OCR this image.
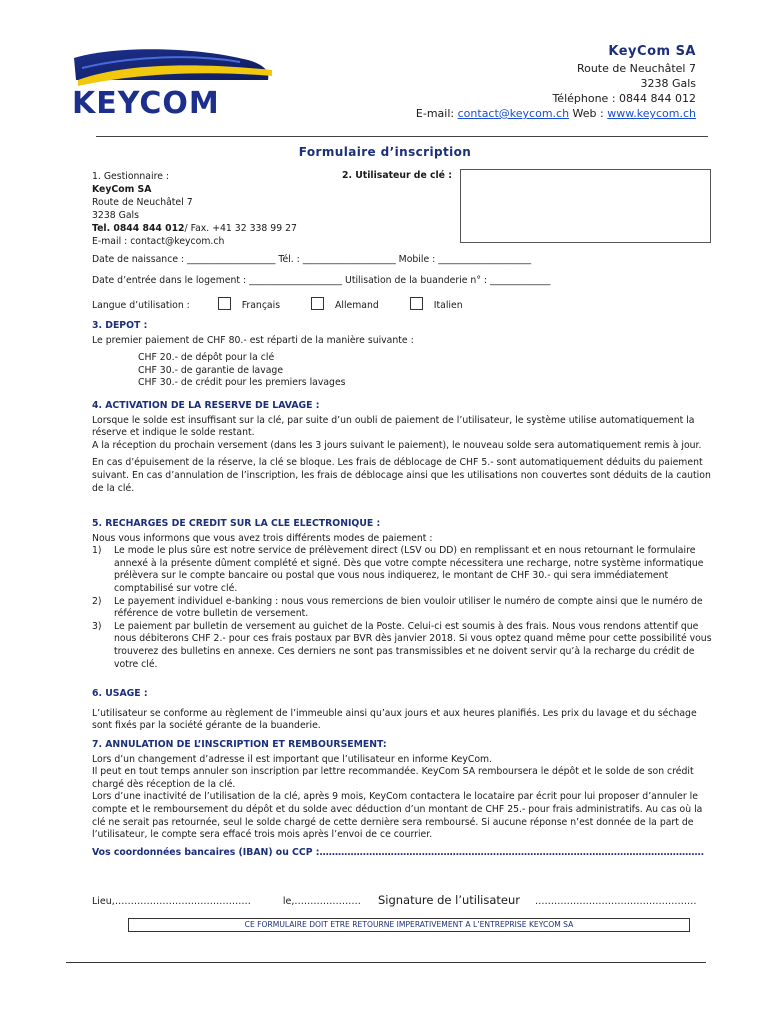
KEYCOM
KeyCom SA
Route de Neuchâtel 7
3238 Gals
Téléphone : 0844 844 012
E-mail: contact@keycom.ch Web : www.keycom.ch
Formulaire d’inscription
1. Gestionnaire :
KeyCom SA
Route de Neuchâtel 7
3238 Gals
Tel. 0844 844 012/ Fax. +41 32 338 99 27
E-mail : contact@keycom.ch
2. Utilisateur de clé :
Date de naissance : ___________________ Tél. : ____________________ Mobile : ____________________
Date d’entrée dans le logement : ____________________ Utilisation de la buanderie n° : _____________
Langue d’utilisation :	Français	Allemand	Italien

3. DEPOT :

Le premier paiement de CHF 80.- est réparti de la manière suivante :

CHF 20.- de dépôt pour la clé

CHF 30.- de garantie de lavage

CHF 30.- de crédit pour les premiers lavages

4. ACTIVATION DE LA RESERVE DE LAVAGE :

Lorsque le solde est insuffisant sur la clé, par suite d’un oubli de paiement de l’utilisateur, le système utilise automatiquement la réserve et indique le solde restant.

A la réception du prochain versement (dans les 3 jours suivant le paiement), le nouveau solde sera automatiquement remis à jour.

En cas d’épuisement de la réserve, la clé se bloque. Les frais de déblocage de CHF 5.- sont automatiquement déduits du paiement suivant. En cas d’annulation de l’inscription, les frais de déblocage ainsi que les utilisations non couvertes sont déduits de la caution de la clé.

5. RECHARGES DE CREDIT SUR LA CLE ELECTRONIQUE :

Nous vous informons que vous avez trois différents modes de paiement :

1) Le mode le plus sûre est notre service de prélèvement direct (LSV ou DD) en remplissant et en nous retournant le formulaire annexé à la présente dûment complété et signé. Dès que votre compte nécessitera une recharge, notre système informatique prélèvera sur le compte bancaire ou postal que vous nous indiquerez, le montant de CHF 30.- qui sera immédiatement comptabilisé sur votre clé.
2) Le payement individuel e-banking : nous vous remercions de bien vouloir utiliser le numéro de compte ainsi que le numéro de référence de votre bulletin de versement.
3) Le paiement par bulletin de versement au guichet de la Poste. Celui-ci est soumis à des frais. Nous vous rendons attentif que nous débiterons CHF 2.- pour ces frais postaux par BVR dès janvier 2018. Si vous optez quand même pour cette possibilité vous trouverez des bulletins en annexe. Ces derniers ne sont pas transmissibles et ne doivent servir qu’à la recharge du crédit de votre clé.

6. USAGE :

L’utilisateur se conforme au règlement de l’immeuble ainsi qu’aux jours et aux heures planifiés. Les prix du lavage et du séchage sont fixés par la société gérante de la buanderie.

7. ANNULATION DE L’INSCRIPTION ET REMBOURSEMENT:

Lors d’un changement d’adresse il est important que l’utilisateur en informe KeyCom.

Il peut en tout temps annuler son inscription par lettre recommandée. KeyCom SA remboursera le dépôt et le solde de son crédit chargé dès réception de la clé.

Lors d’une inactivité de l’utilisation de la clé, après 9 mois, KeyCom contactera le locataire par écrit pour lui proposer d’annuler le compte et le remboursement du dépôt et du solde avec déduction d’un montant de CHF 25.- pour frais administratifs. Au cas où la clé ne serait pas retournée, seul le solde chargé de cette dernière sera remboursé. Si aucune réponse n’est donnée de la part de l’utilisateur, le compte sera effacé trois mois après l’envoi de ce courrier.

Vos coordonnées bancaires (IBAN) ou CCP :…………………………………………………………………………………………………………….

Lieu,…………………….………………	le,………………… Signature de l’utilisateur ……………………………………………
CE FORMULAIRE DOIT ETRE RETOURNE IMPERATIVEMENT A L’ENTREPRISE KEYCOM SA
